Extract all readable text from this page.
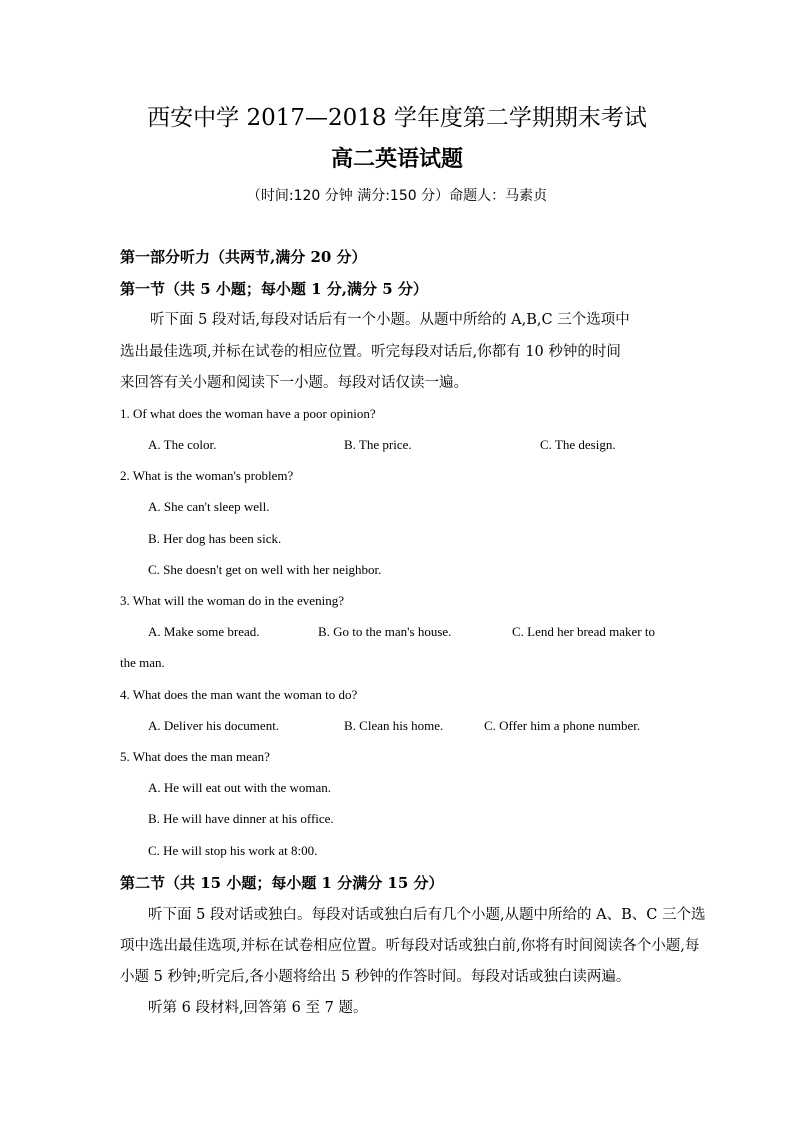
西安中学 2017—2018 学年度第二学期期末考试
高二英语试题
（时间:120 分钟 满分:150 分）命题人：马素贞
第一部分听力（共两节,满分 20 分）
第一节（共 5 小题；每小题 1 分,满分 5 分）
听下面 5 段对话,每段对话后有一个小题。从题中所给的 A,B,C 三个选项中
选出最佳选项,并标在试卷的相应位置。听完每段对话后,你都有 10 秒钟的时间
来回答有关小题和阅读下一小题。每段对话仅读一遍。
1. Of what does the woman have a poor opinion?
A. The color.	B. The price.	C. The design.
2. What is the woman's problem?
A. She can't sleep well.
B. Her dog has been sick.
C. She doesn't get on well with her neighbor.
3. What will the woman do in the evening?
A. Make some bread.	B. Go to the man's house.	C. Lend her bread maker to
the man.
4. What does the man want the woman to do?
A. Deliver his document.	B. Clean his home.	C. Offer him a phone number.
5. What does the man mean?
A. He will eat out with the woman.
B. He will have dinner at his office.
C. He will stop his work at 8:00.
第二节（共 15 小题；每小题 1 分满分 15 分）
听下面 5 段对话或独白。每段对话或独白后有几个小题,从题中所给的 A、B、C 三个选
项中选出最佳选项,并标在试卷相应位置。听每段对话或独白前,你将有时间阅读各个小题,每
小题 5 秒钟;听完后,各小题将给出 5 秒钟的作答时间。每段对话或独白读两遍。
听第 6 段材料,回答第 6 至 7 题。
